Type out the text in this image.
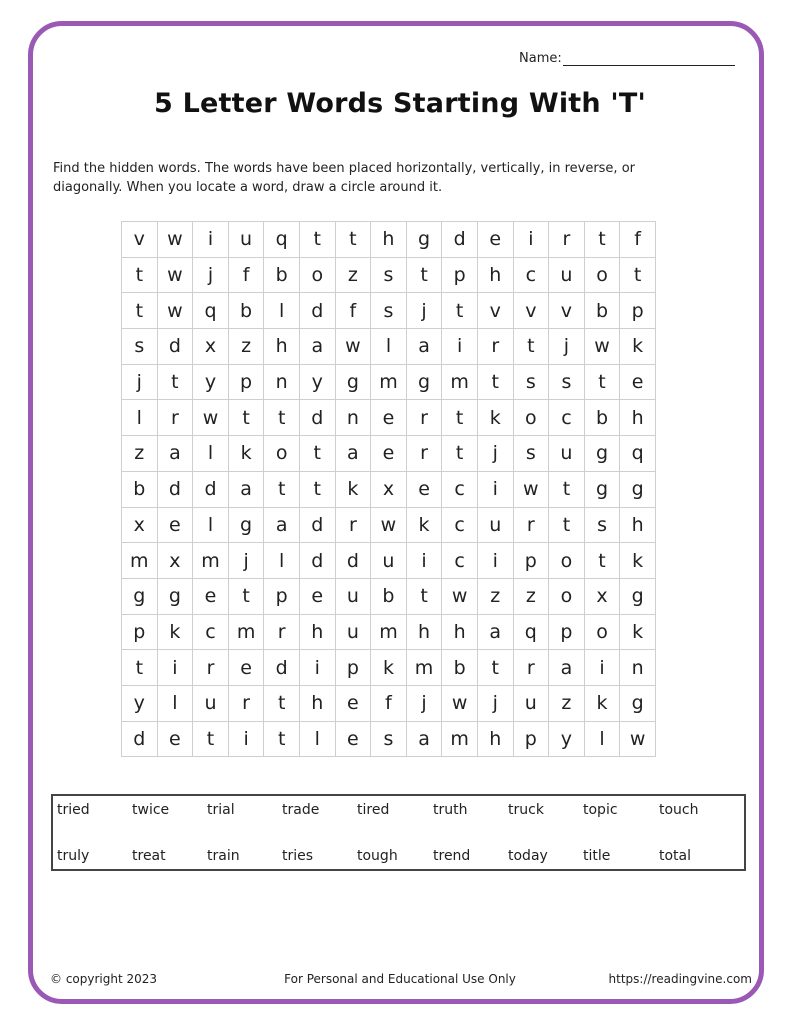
Name:
5 Letter Words Starting With 'T'
Find the hidden words. The words have been placed horizontally, vertically, in reverse, or diagonally. When you locate a word, draw a circle around it.
v	w	i	u	q	t	t	h	g	d	e	i	r	t	f
t	w	j	f	b	o	z	s	t	p	h	c	u	o	t
t	w	q	b	l	d	f	s	j	t	v	v	v	b	p
s	d	x	z	h	a	w	l	a	i	r	t	j	w	k
j	t	y	p	n	y	g	m	g	m	t	s	s	t	e
l	r	w	t	t	d	n	e	r	t	k	o	c	b	h
z	a	l	k	o	t	a	e	r	t	j	s	u	g	q
b	d	d	a	t	t	k	x	e	c	i	w	t	g	g
x	e	l	g	a	d	r	w	k	c	u	r	t	s	h
m	x	m	j	l	d	d	u	i	c	i	p	o	t	k
g	g	e	t	p	e	u	b	t	w	z	z	o	x	g
p	k	c	m	r	h	u	m	h	h	a	q	p	o	k
t	i	r	e	d	i	p	k	m	b	t	r	a	i	n
y	l	u	r	t	h	e	f	j	w	j	u	z	k	g
d	e	t	i	t	l	e	s	a	m	h	p	y	l	w
tried	twice	trial	trade	tired	truth	truck	topic	touch
truly	treat	train	tries	tough	trend	today	title	total
© copyright 2023	For Personal and Educational Use Only	https://readingvine.com
